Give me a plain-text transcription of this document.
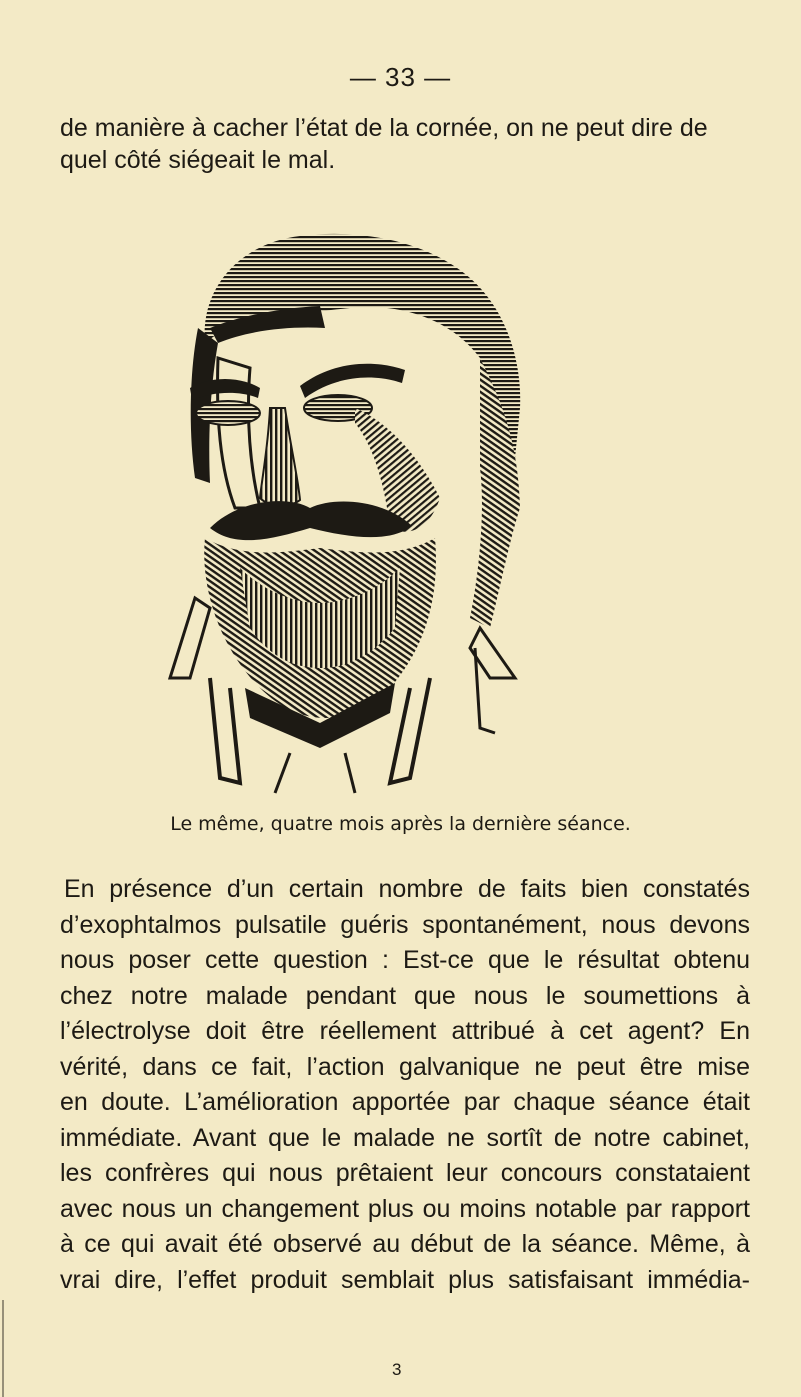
— 33 —
de manière à cacher l’état de la cornée, on ne peut dire de
quel côté siégeait le mal.
Le même, quatre mois après la dernière séance.
En présence d’un certain nombre de faits bien constatés
d’exophtalmos pulsatile guéris spontanément, nous devons
nous poser cette question : Est-ce que le résultat obtenu
chez notre malade pendant que nous le soumettions à
l’électrolyse doit être réellement attribué à cet agent? En
vérité, dans ce fait, l’action galvanique ne peut être mise
en doute. L’amélioration apportée par chaque séance était
immédiate. Avant que le malade ne sortît de notre cabinet,
les confrères qui nous prêtaient leur concours constataient
avec nous un changement plus ou moins notable par rapport
à ce qui avait été observé au début de la séance. Même, à
vrai dire, l’effet produit semblait plus satisfaisant immédia-
3
